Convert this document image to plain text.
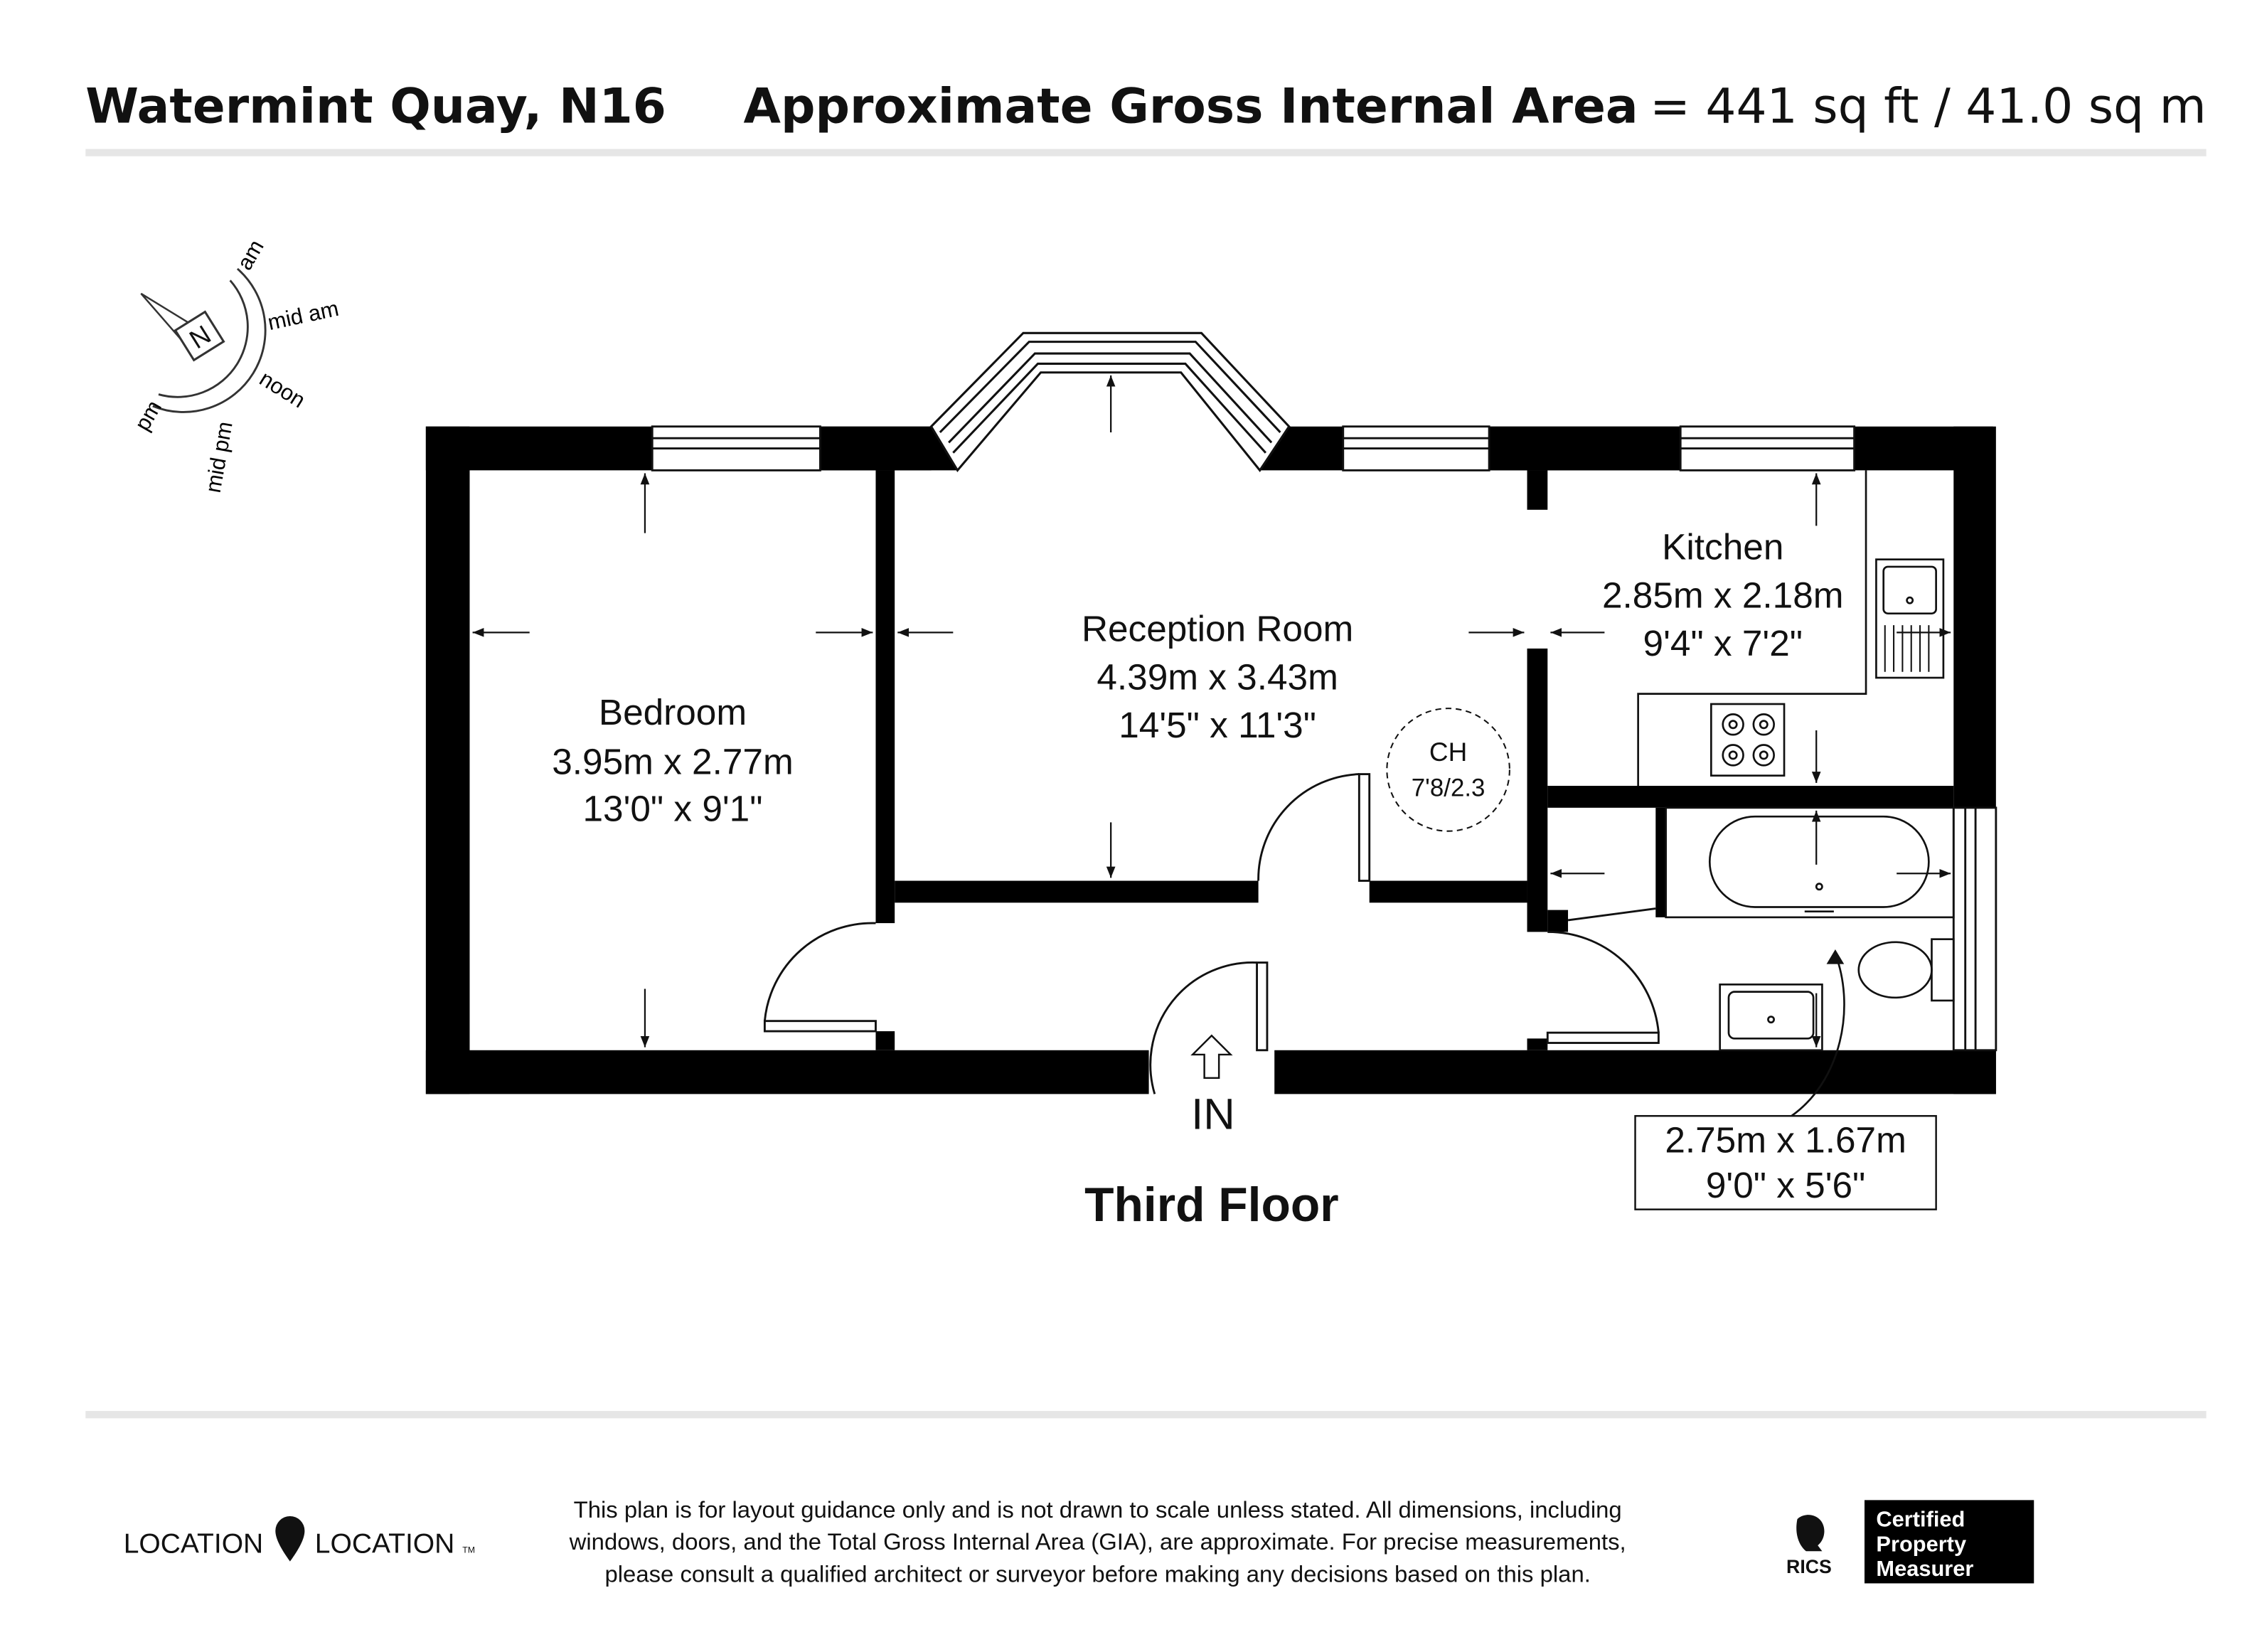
Watermint Quay, N16	Approximate Gross Internal Area = 441 sq ft / 41.0 sq m
N
am
mid am
noon
mid pm
pm
Bedroom
3.95m x 2.77m
13'0" x 9'1"
Reception Room
4.39m x 3.43m
14'5" x 11'3"
Kitchen
2.85m x 2.18m
9'4" x 7'2"
2.75m x 1.67m
9'0" x 5'6"
CH
7'8/2.3
IN
Third Floor
LOCATION	LOCATION TM
This plan is for layout guidance only and is not drawn to scale unless stated. All dimensions, including
windows, doors, and the Total Gross Internal Area (GIA), are approximate. For precise measurements,
please consult a qualified architect or surveyor before making any decisions based on this plan.	RICS
Certified
Property
Measurer
